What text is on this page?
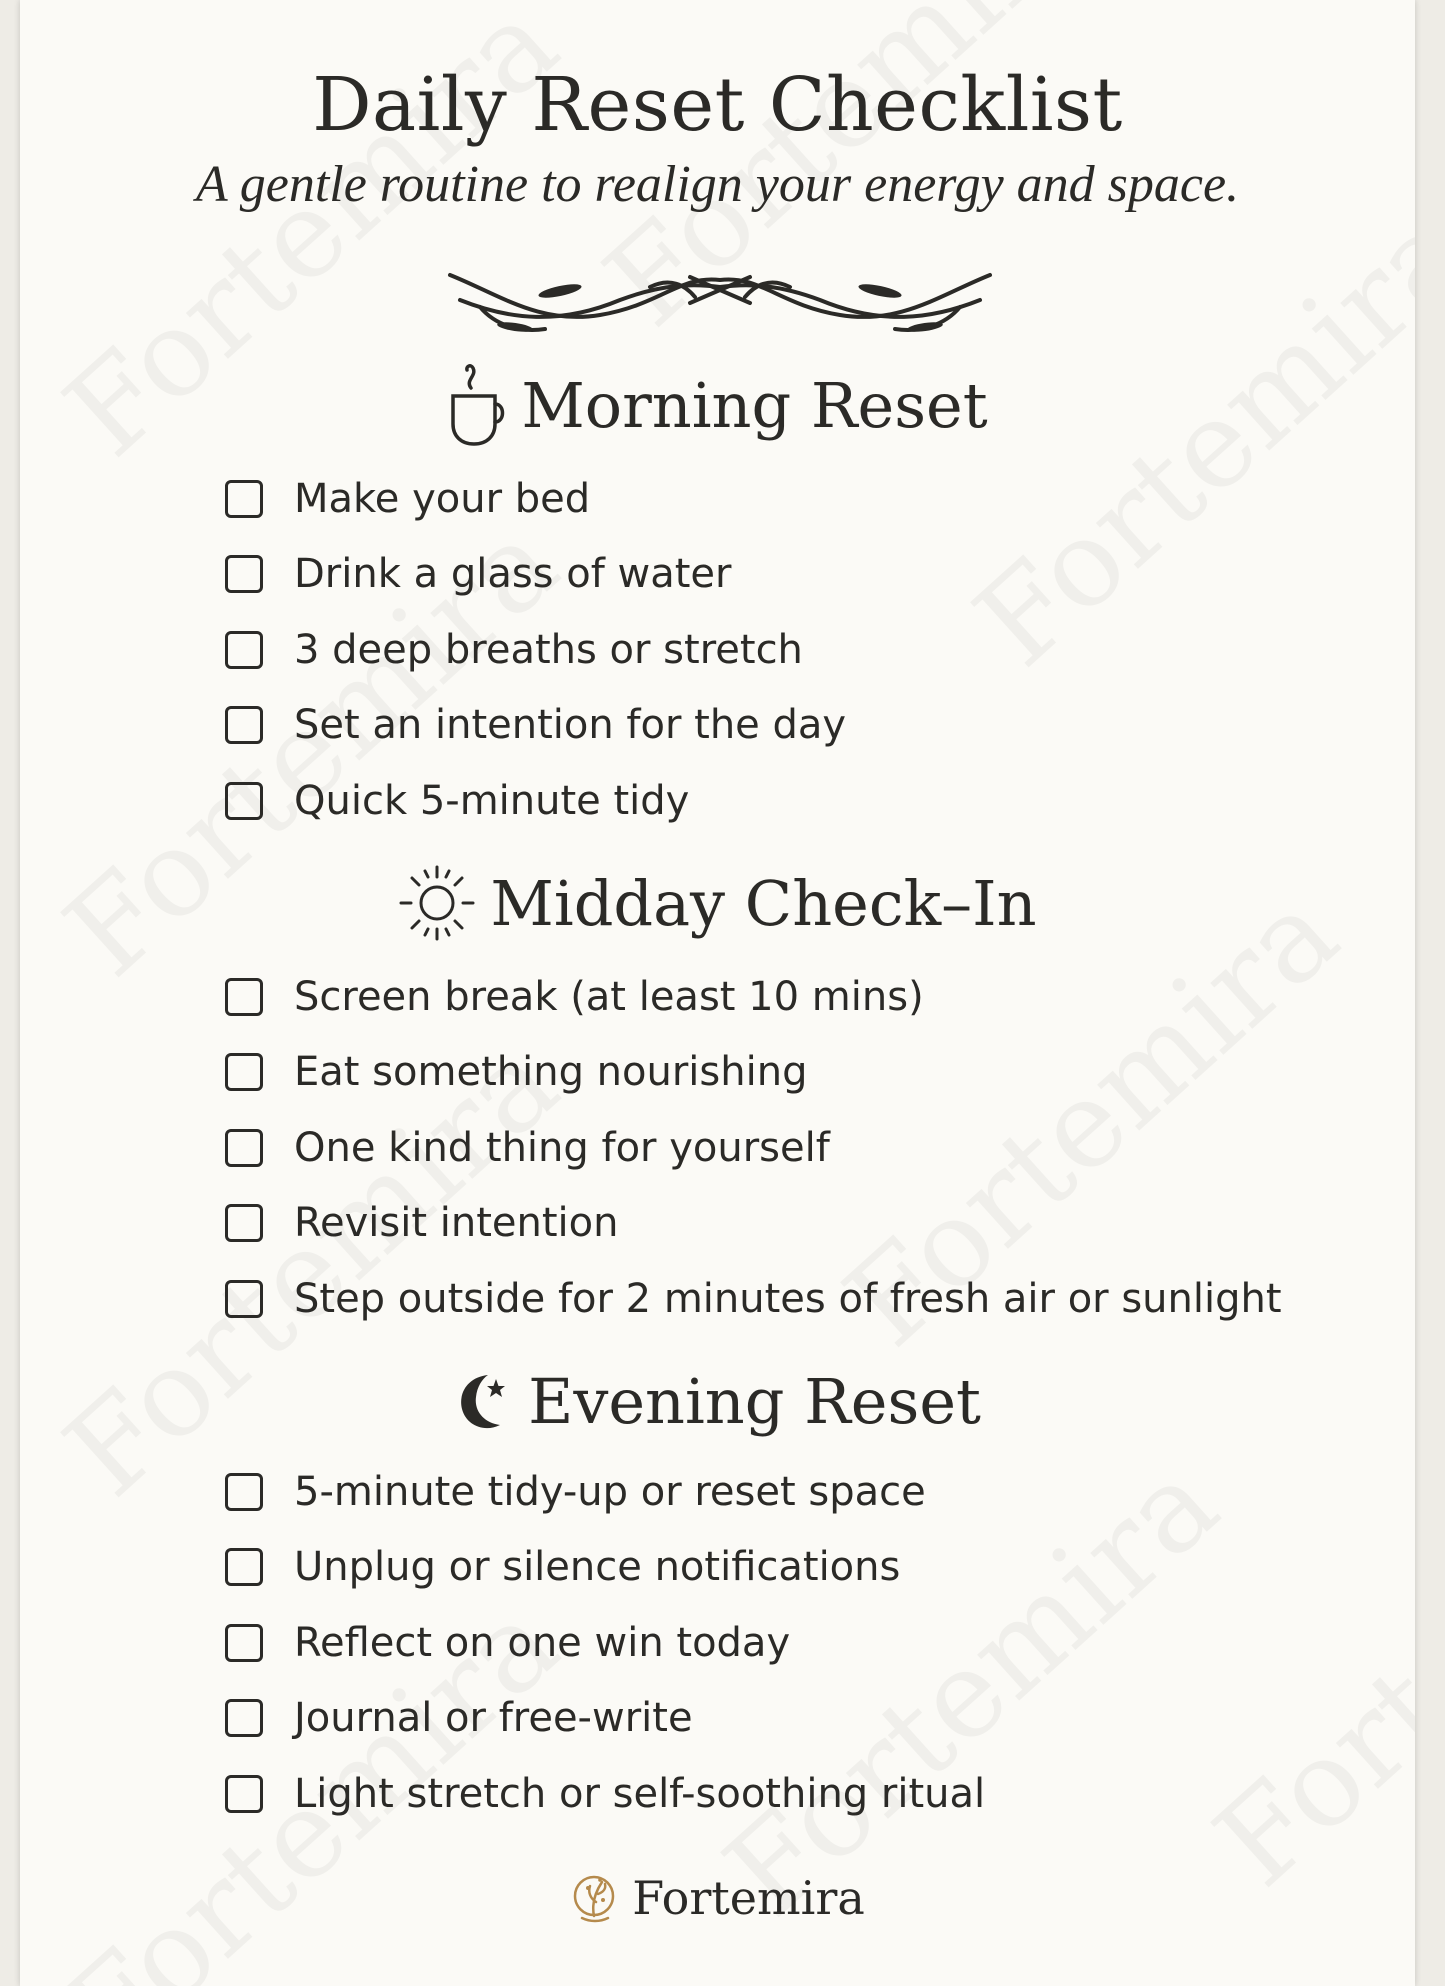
Daily Reset Checklist
A gentle routine to realign your energy and space.
Morning Reset
Make your bed
Drink a glass of water
3 deep breaths or stretch
Set an intention for the day
Quick 5-minute tidy
Midday Check–In
Screen break (at least 10 mins)
Eat something nourishing
One kind thing for yourself
Revisit intention
Step outside for 2 minutes of fresh air or sunlight
Evening Reset
5-minute tidy-up or reset space
Unplug or silence notifications
Reflect on one win today
Journal or free-write
Light stretch or self-soothing ritual
Fortemira
